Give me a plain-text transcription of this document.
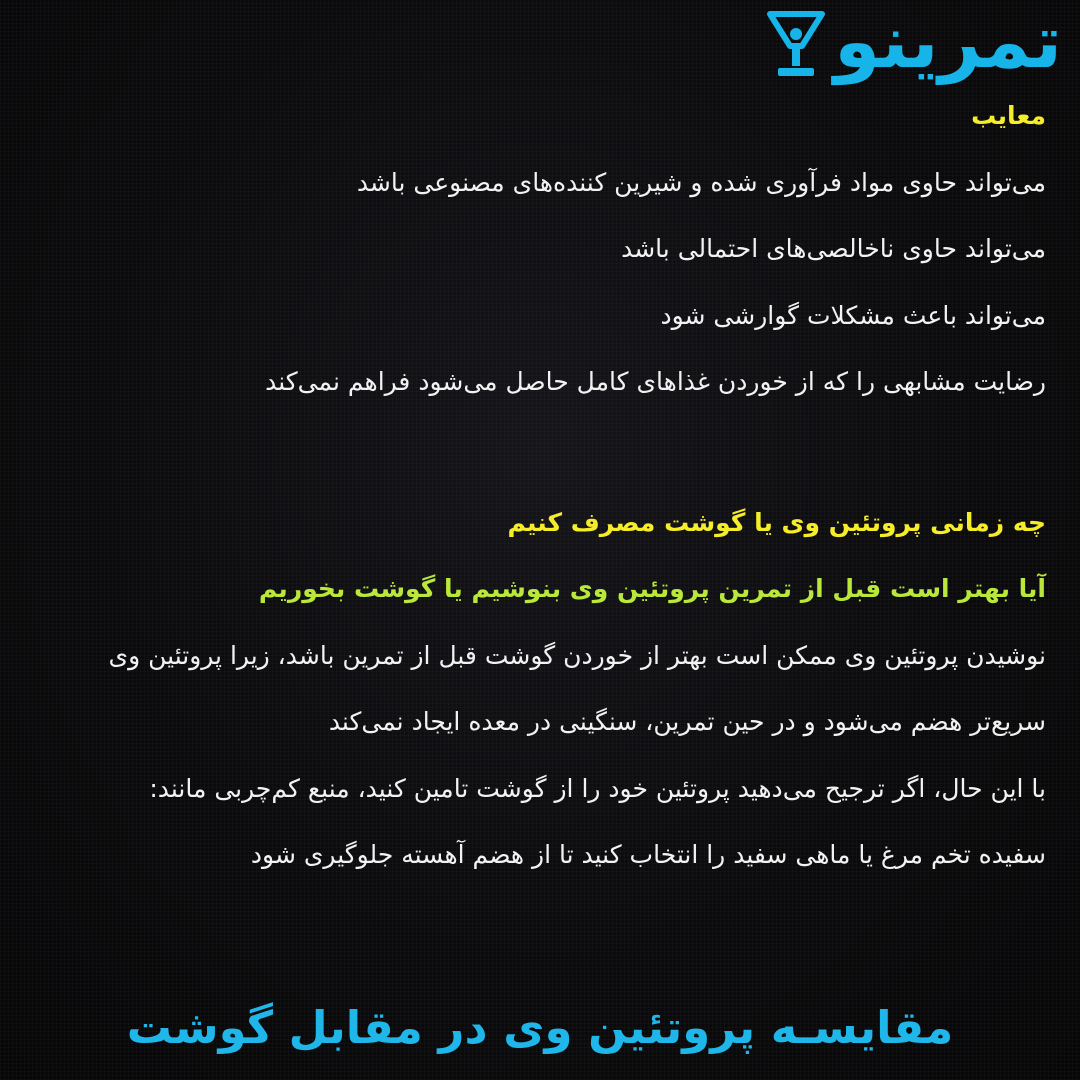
تمرینو
معایب
می‌تواند حاوی مواد فرآوری شده و شیرین کننده‌های مصنوعی باشد
می‌تواند حاوی ناخالصی‌های احتمالی باشد
می‌تواند باعث مشکلات گوارشی شود
رضایت مشابهی را که از خوردن غذاهای کامل حاصل می‌شود فراهم نمی‌کند
چه زمانی پروتئین وی یا گوشت مصرف کنیم
آیا بهتر است قبل از تمرین پروتئین وی بنوشیم یا گوشت بخوریم
نوشیدن پروتئین وی ممکن است بهتر از خوردن گوشت قبل از تمرین باشد، زیرا پروتئین وی
سریع‌تر هضم می‌شود و در حین تمرین، سنگینی در معده ایجاد نمی‌کند
با این حال، اگر ترجیح می‌دهید پروتئین خود را از گوشت تامین کنید، منبع کم‌چربی مانند:
سفیده تخم مرغ یا ماهی سفید را انتخاب کنید تا از هضم آهسته جلوگیری شود
مقایسـه پروتئین وی در مقابل گوشت
